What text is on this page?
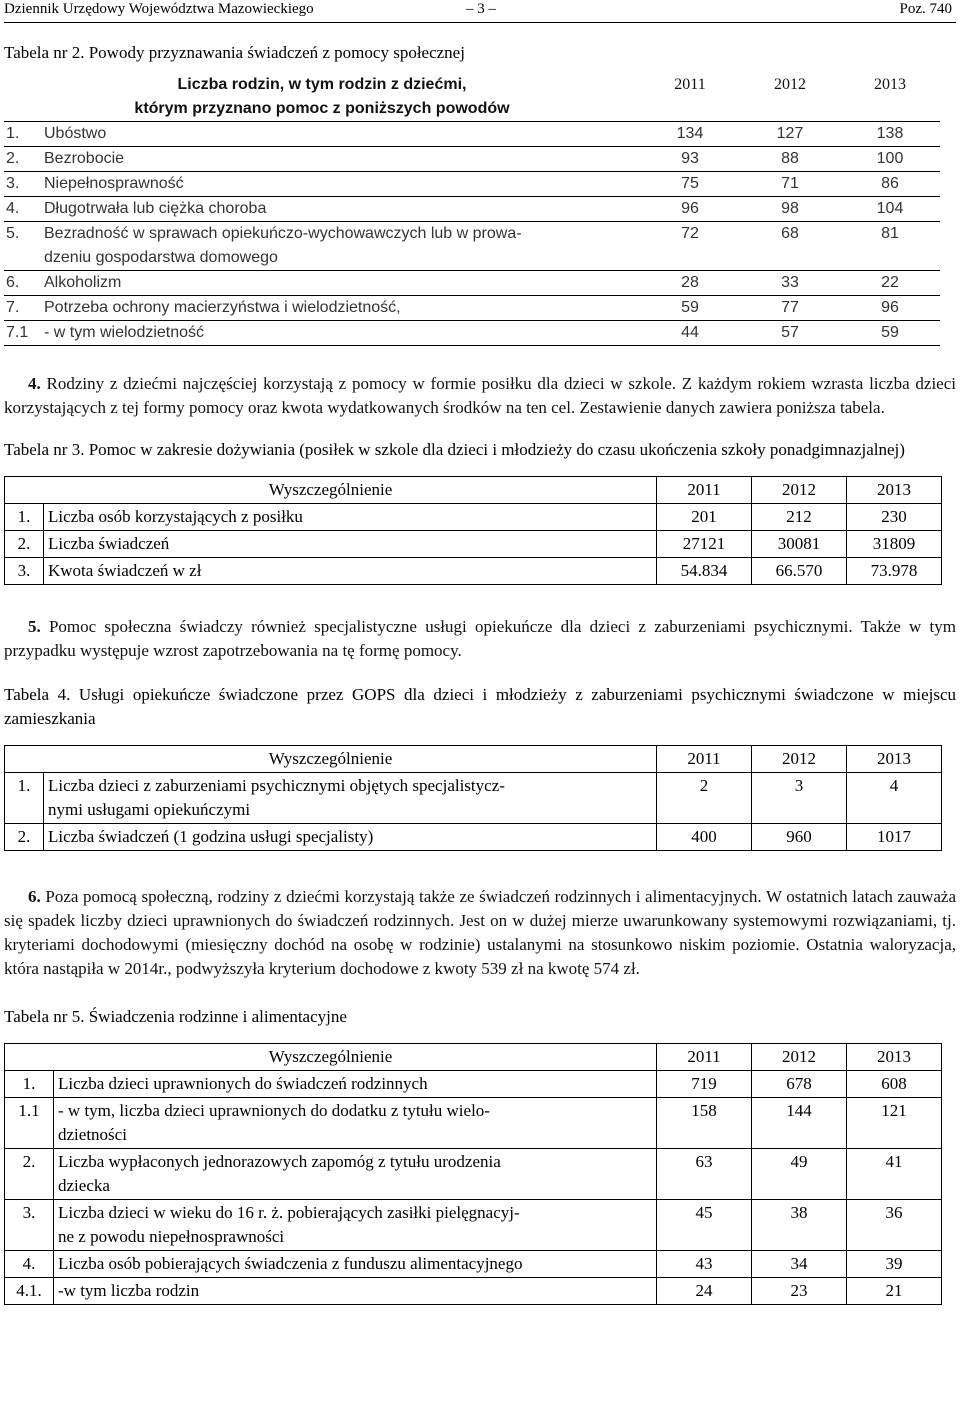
Dziennik Urzędowy Województwa Mazowieckiego	– 3 –	Poz. 740

Tabela nr 2. Powody przyznawania świadczeń z pomocy społecznej

Liczba rodzin, w tym rodzin z dziećmi,
którym przyznano pomoc z poniższych powodów		2011	2012	2013
1.	Ubóstwo	134	127	138
2.	Bezrobocie	93	88	100
3.	Niepełnosprawność	75	71	86
4.	Długotrwała lub ciężka choroba	96	98	104
5.	Bezradność w sprawach opiekuńczo-wychowawczych lub w prowa-
dzeniu gospodarstwa domowego	72	68	81
6.	Alkoholizm	28	33	22
7.	Potrzeba ochrony macierzyństwa i wielodzietność,	59	77	96
7.1	- w tym wielodzietność	44	57	59

4. Rodziny z dziećmi najczęściej korzystają z pomocy w formie posiłku dla dzieci w szkole. Z każdym rokiem wzrasta liczba dzieci korzystających z tej formy pomocy oraz kwota wydatkowanych środków na ten cel. Zestawienie danych zawiera poniższa tabela.

Tabela nr 3. Pomoc w zakresie dożywiania (posiłek w szkole dla dzieci i młodzieży do czasu ukończenia szkoły ponadgimnazjalnej)

Wyszczególnienie		2011	2012	2013
1.	Liczba osób korzystających z posiłku	201	212	230
2.	Liczba świadczeń	27121	30081	31809
3.	Kwota świadczeń w zł	54.834	66.570	73.978

5. Pomoc społeczna świadczy również specjalistyczne usługi opiekuńcze dla dzieci z zaburzeniami psychicznymi. Także w tym przypadku występuje wzrost zapotrzebowania na tę formę pomocy.

Tabela 4. Usługi opiekuńcze świadczone przez GOPS dla dzieci i młodzieży z zaburzeniami psychicznymi świadczone w miejscu zamieszkania

Wyszczególnienie		2011	2012	2013
1.	Liczba dzieci z zaburzeniami psychicznymi objętych specjalistycz-
nymi usługami opiekuńczymi	2	3	4
2.	Liczba świadczeń (1 godzina usługi specjalisty)	400	960	1017

6. Poza pomocą społeczną, rodziny z dziećmi korzystają także ze świadczeń rodzinnych i alimentacyjnych. W ostatnich latach zauważa się spadek liczby dzieci uprawnionych do świadczeń rodzinnych. Jest on w dużej mierze uwarunkowany systemowymi rozwiązaniami, tj. kryteriami dochodowymi (miesięczny dochód na osobę w rodzinie) ustalanymi na stosunkowo niskim poziomie. Ostatnia waloryzacja, która nastąpiła w 2014r., podwyższyła kryterium dochodowe z kwoty 539 zł na kwotę 574 zł.

Tabela nr 5. Świadczenia rodzinne i alimentacyjne

Wyszczególnienie		2011	2012	2013
1.	Liczba dzieci uprawnionych do świadczeń rodzinnych	719	678	608
1.1	- w tym, liczba dzieci uprawnionych do dodatku z tytułu wielo-
dzietności	158	144	121
2.	Liczba wypłaconych jednorazowych zapomóg z tytułu urodzenia
dziecka	63	49	41
3.	Liczba dzieci w wieku do 16 r. ż. pobierających zasiłki pielęgnacyj-
ne z powodu niepełnosprawności	45	38	36
4.	Liczba osób pobierających świadczenia z funduszu alimentacyjnego	43	34	39
4.1.	-w tym liczba rodzin	24	23	21
